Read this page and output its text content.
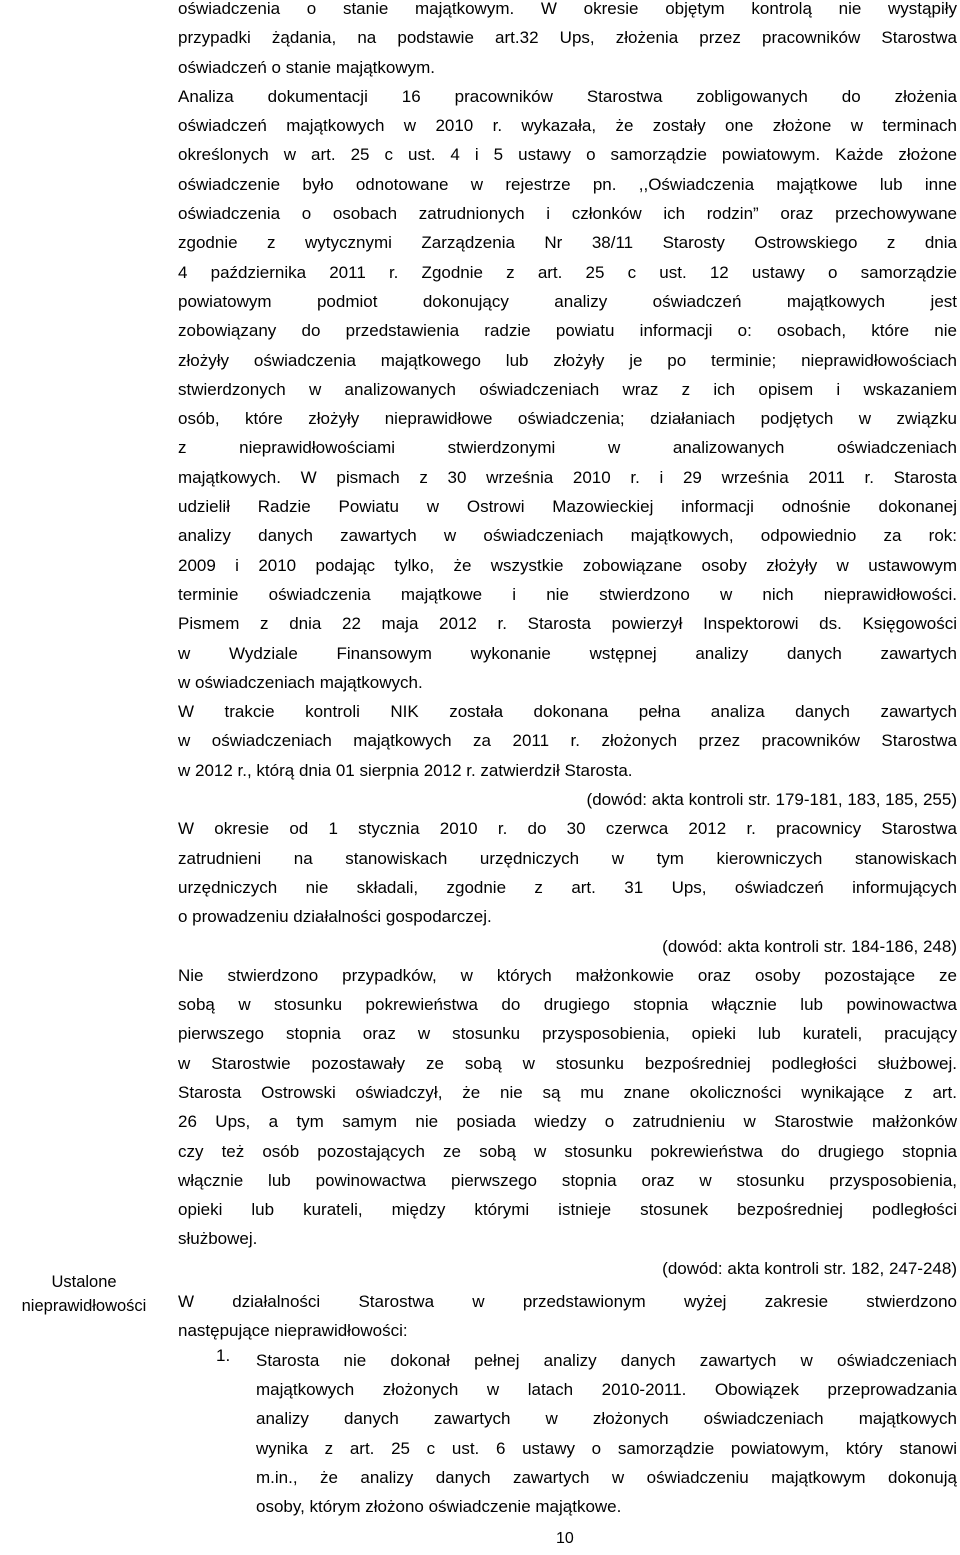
Ustalone
nieprawidłowości
oświadczenia o stanie majątkowym. W okresie objętym kontrolą nie wystąpiły
przypadki żądania, na podstawie art.32 Ups, złożenia przez pracowników Starostwa
oświadczeń o stanie majątkowym.
Analiza dokumentacji 16 pracowników Starostwa zobligowanych do złożenia
oświadczeń majątkowych w 2010 r. wykazała, że zostały one złożone w terminach
określonych w art. 25 c ust. 4 i 5 ustawy o samorządzie powiatowym. Każde złożone
oświadczenie było odnotowane w rejestrze pn. ,,Oświadczenia majątkowe lub inne
oświadczenia o osobach zatrudnionych i członków ich rodzin” oraz przechowywane
zgodnie z wytycznymi Zarządzenia Nr 38/11 Starosty Ostrowskiego z dnia
4 października 2011 r. Zgodnie z art. 25 c ust. 12 ustawy o samorządzie
powiatowym podmiot dokonujący analizy oświadczeń majątkowych jest
zobowiązany do przedstawienia radzie powiatu informacji o: osobach, które nie
złożyły oświadczenia majątkowego lub złożyły je po terminie; nieprawidłowościach
stwierdzonych w analizowanych oświadczeniach wraz z ich opisem i wskazaniem
osób, które złożyły nieprawidłowe oświadczenia; działaniach podjętych w związku
z nieprawidłowościami stwierdzonymi w analizowanych oświadczeniach
majątkowych. W pismach z 30 września 2010 r. i 29 września 2011 r. Starosta
udzielił Radzie Powiatu w Ostrowi Mazowieckiej informacji odnośnie dokonanej
analizy danych zawartych w oświadczeniach majątkowych, odpowiednio za rok:
2009 i 2010 podając tylko, że wszystkie zobowiązane osoby złożyły w ustawowym
terminie oświadczenia majątkowe i nie stwierdzono w nich nieprawidłowości.
Pismem z dnia 22 maja 2012 r. Starosta powierzył Inspektorowi ds. Księgowości
w Wydziale Finansowym wykonanie wstępnej analizy danych zawartych
w oświadczeniach majątkowych.
W trakcie kontroli NIK została dokonana pełna analiza danych zawartych
w oświadczeniach majątkowych za 2011 r. złożonych przez pracowników Starostwa
w 2012 r., którą dnia 01 sierpnia 2012 r. zatwierdził Starosta.
(dowód: akta kontroli str. 179-181, 183, 185, 255)
W okresie od 1 stycznia 2010 r. do 30 czerwca 2012 r. pracownicy Starostwa
zatrudnieni na stanowiskach urzędniczych w tym kierowniczych stanowiskach
urzędniczych nie składali, zgodnie z art. 31 Ups, oświadczeń informujących
o prowadzeniu działalności gospodarczej.
(dowód: akta kontroli str. 184-186, 248)
Nie stwierdzono przypadków, w których małżonkowie oraz osoby pozostające ze
sobą w stosunku pokrewieństwa do drugiego stopnia włącznie lub powinowactwa
pierwszego stopnia oraz w stosunku przysposobienia, opieki lub kurateli, pracujący
w Starostwie pozostawały ze sobą w stosunku bezpośredniej podległości służbowej.
Starosta Ostrowski oświadczył, że nie są mu znane okoliczności wynikające z art.
26 Ups, a tym samym nie posiada wiedzy o zatrudnieniu w Starostwie małżonków
czy też osób pozostających ze sobą w stosunku pokrewieństwa do drugiego stopnia
włącznie lub powinowactwa pierwszego stopnia oraz w stosunku przysposobienia,
opieki lub kurateli, między którymi istnieje stosunek bezpośredniej podległości
służbowej.
(dowód: akta kontroli str. 182, 247-248)
W działalności Starostwa w przedstawionym wyżej zakresie stwierdzono
następujące nieprawidłowości:
1.	Starosta nie dokonał pełnej analizy danych zawartych w oświadczeniach
majątkowych złożonych w latach 2010-2011. Obowiązek przeprowadzania
analizy danych zawartych w złożonych oświadczeniach majątkowych
wynika z art. 25 c ust. 6 ustawy o samorządzie powiatowym, który stanowi
m.in., że analizy danych zawartych w oświadczeniu majątkowym dokonują
osoby, którym złożono oświadczenie majątkowe.
10
